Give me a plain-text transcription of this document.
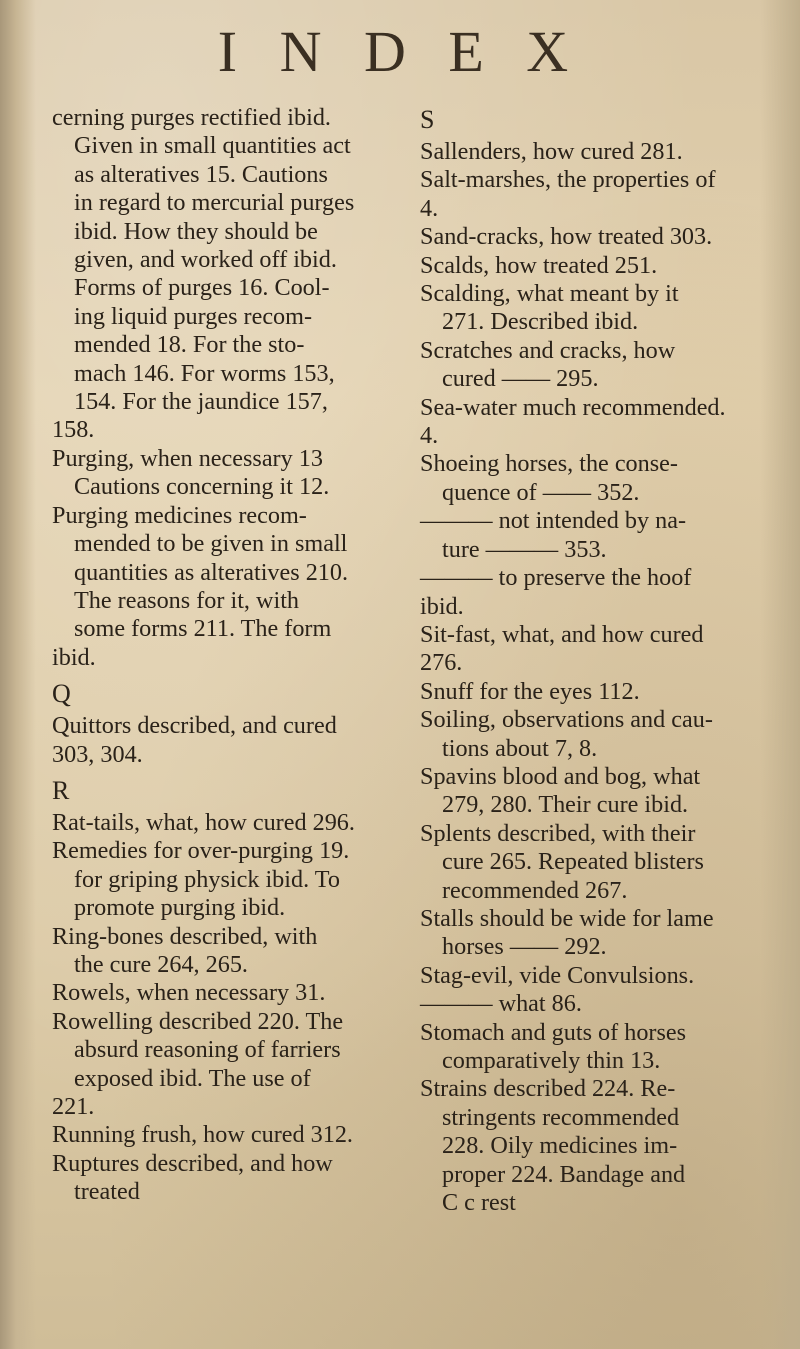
I N D E X
cerning purges rectified ibid.
Given in small quantities act
as alteratives 15. Cautions
in regard to mercurial purges
ibid. How they should be
given, and worked off ibid.
Forms of purges 16. Cool-
ing liquid purges recom-
mended 18. For the sto-
mach 146. For worms 153,
154. For the jaundice 157,
158.
Purging, when necessary 13
Cautions concerning it 12.
Purging medicines recom-
mended to be given in small
quantities as alteratives 210.
The reasons for it, with
some forms 211. The form
ibid.
Q
Quittors described, and cured
303, 304.
R
Rat-tails, what, how cured 296.
Remedies for over-purging 19.
for griping physick ibid. To
promote purging ibid.
Ring-bones described, with
the cure 264, 265.
Rowels, when necessary 31.
Rowelling described 220. The
absurd reasoning of farriers
exposed ibid. The use of
221.
Running frush, how cured 312.
Ruptures described, and how
treated
S
Sallenders, how cured 281.
Salt-marshes, the properties of
4.
Sand-cracks, how treated 303.
Scalds, how treated 251.
Scalding, what meant by it
271. Described ibid.
Scratches and cracks, how
cured —— 295.
Sea-water much recommended.
4.
Shoeing horses, the conse-
quence of —— 352.
——— not intended by na-
ture ——— 353.
——— to preserve the hoof
ibid.
Sit-fast, what, and how cured
276.
Snuff for the eyes 112.
Soiling, observations and cau-
tions about 7, 8.
Spavins blood and bog, what
279, 280. Their cure ibid.
Splents described, with their
cure 265. Repeated blisters
recommended 267.
Stalls should be wide for lame
horses —— 292.
Stag-evil, vide Convulsions.
——— what 86.
Stomach and guts of horses
comparatively thin 13.
Strains described 224. Re-
stringents recommended
228. Oily medicines im-
proper 224. Bandage and
C c rest
